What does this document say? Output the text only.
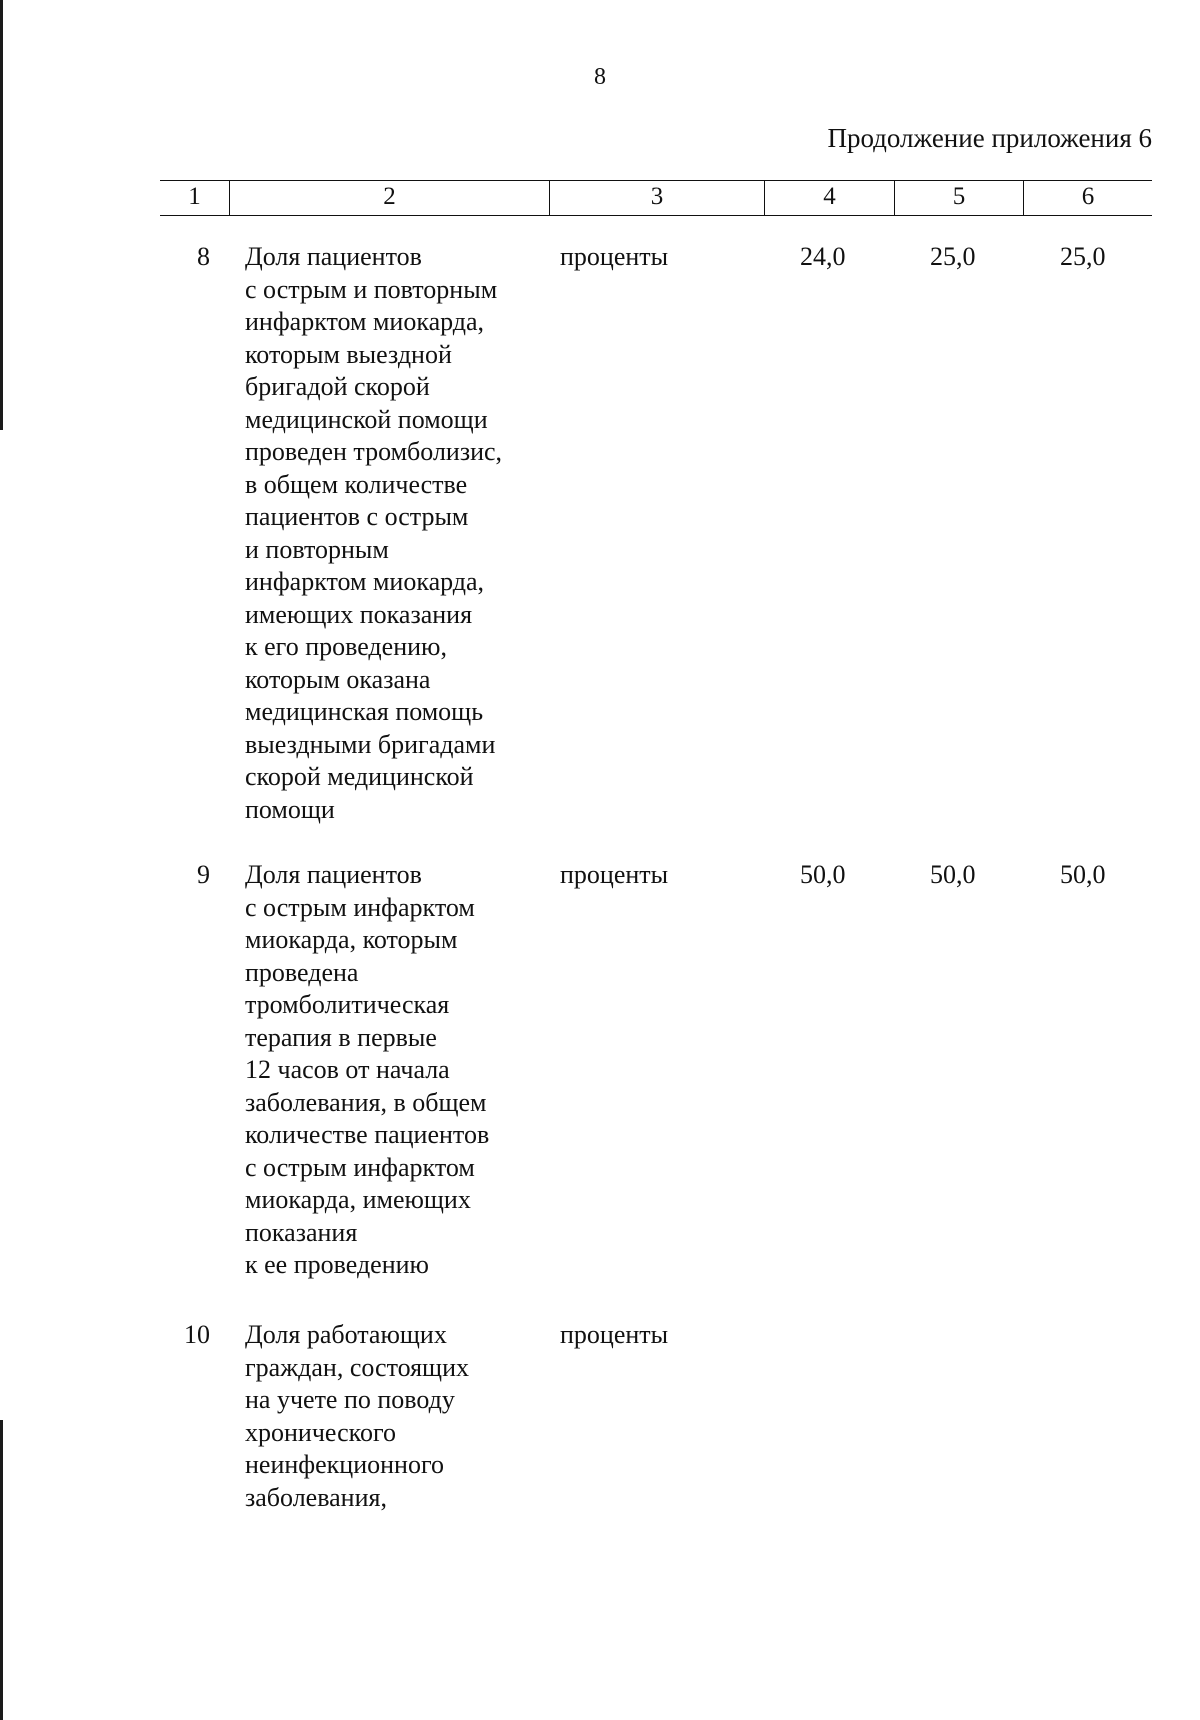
8
Продолжение приложения 6
1	2	3	4	5	6
8 Доля пациентов
с острым и повторным
инфарктом миокарда,
которым выездной
бригадой скорой
медицинской помощи
проведен тромболизис,
в общем количестве
пациентов с острым
и повторным
инфарктом миокарда,
имеющих показания
к его проведению,
которым оказана
медицинская помощь
выездными бригадами
скорой медицинской
помощи
проценты	24,0	25,0	25,0
9 Доля пациентов
с острым инфарктом
миокарда, которым
проведена
тромболитическая
терапия в первые
12 часов от начала
заболевания, в общем
количестве пациентов
с острым инфарктом
миокарда, имеющих
показания
к ее проведению
проценты	50,0	50,0	50,0
10 Доля работающих
граждан, состоящих
на учете по поводу
хронического
неинфекционного
заболевания,
проценты
